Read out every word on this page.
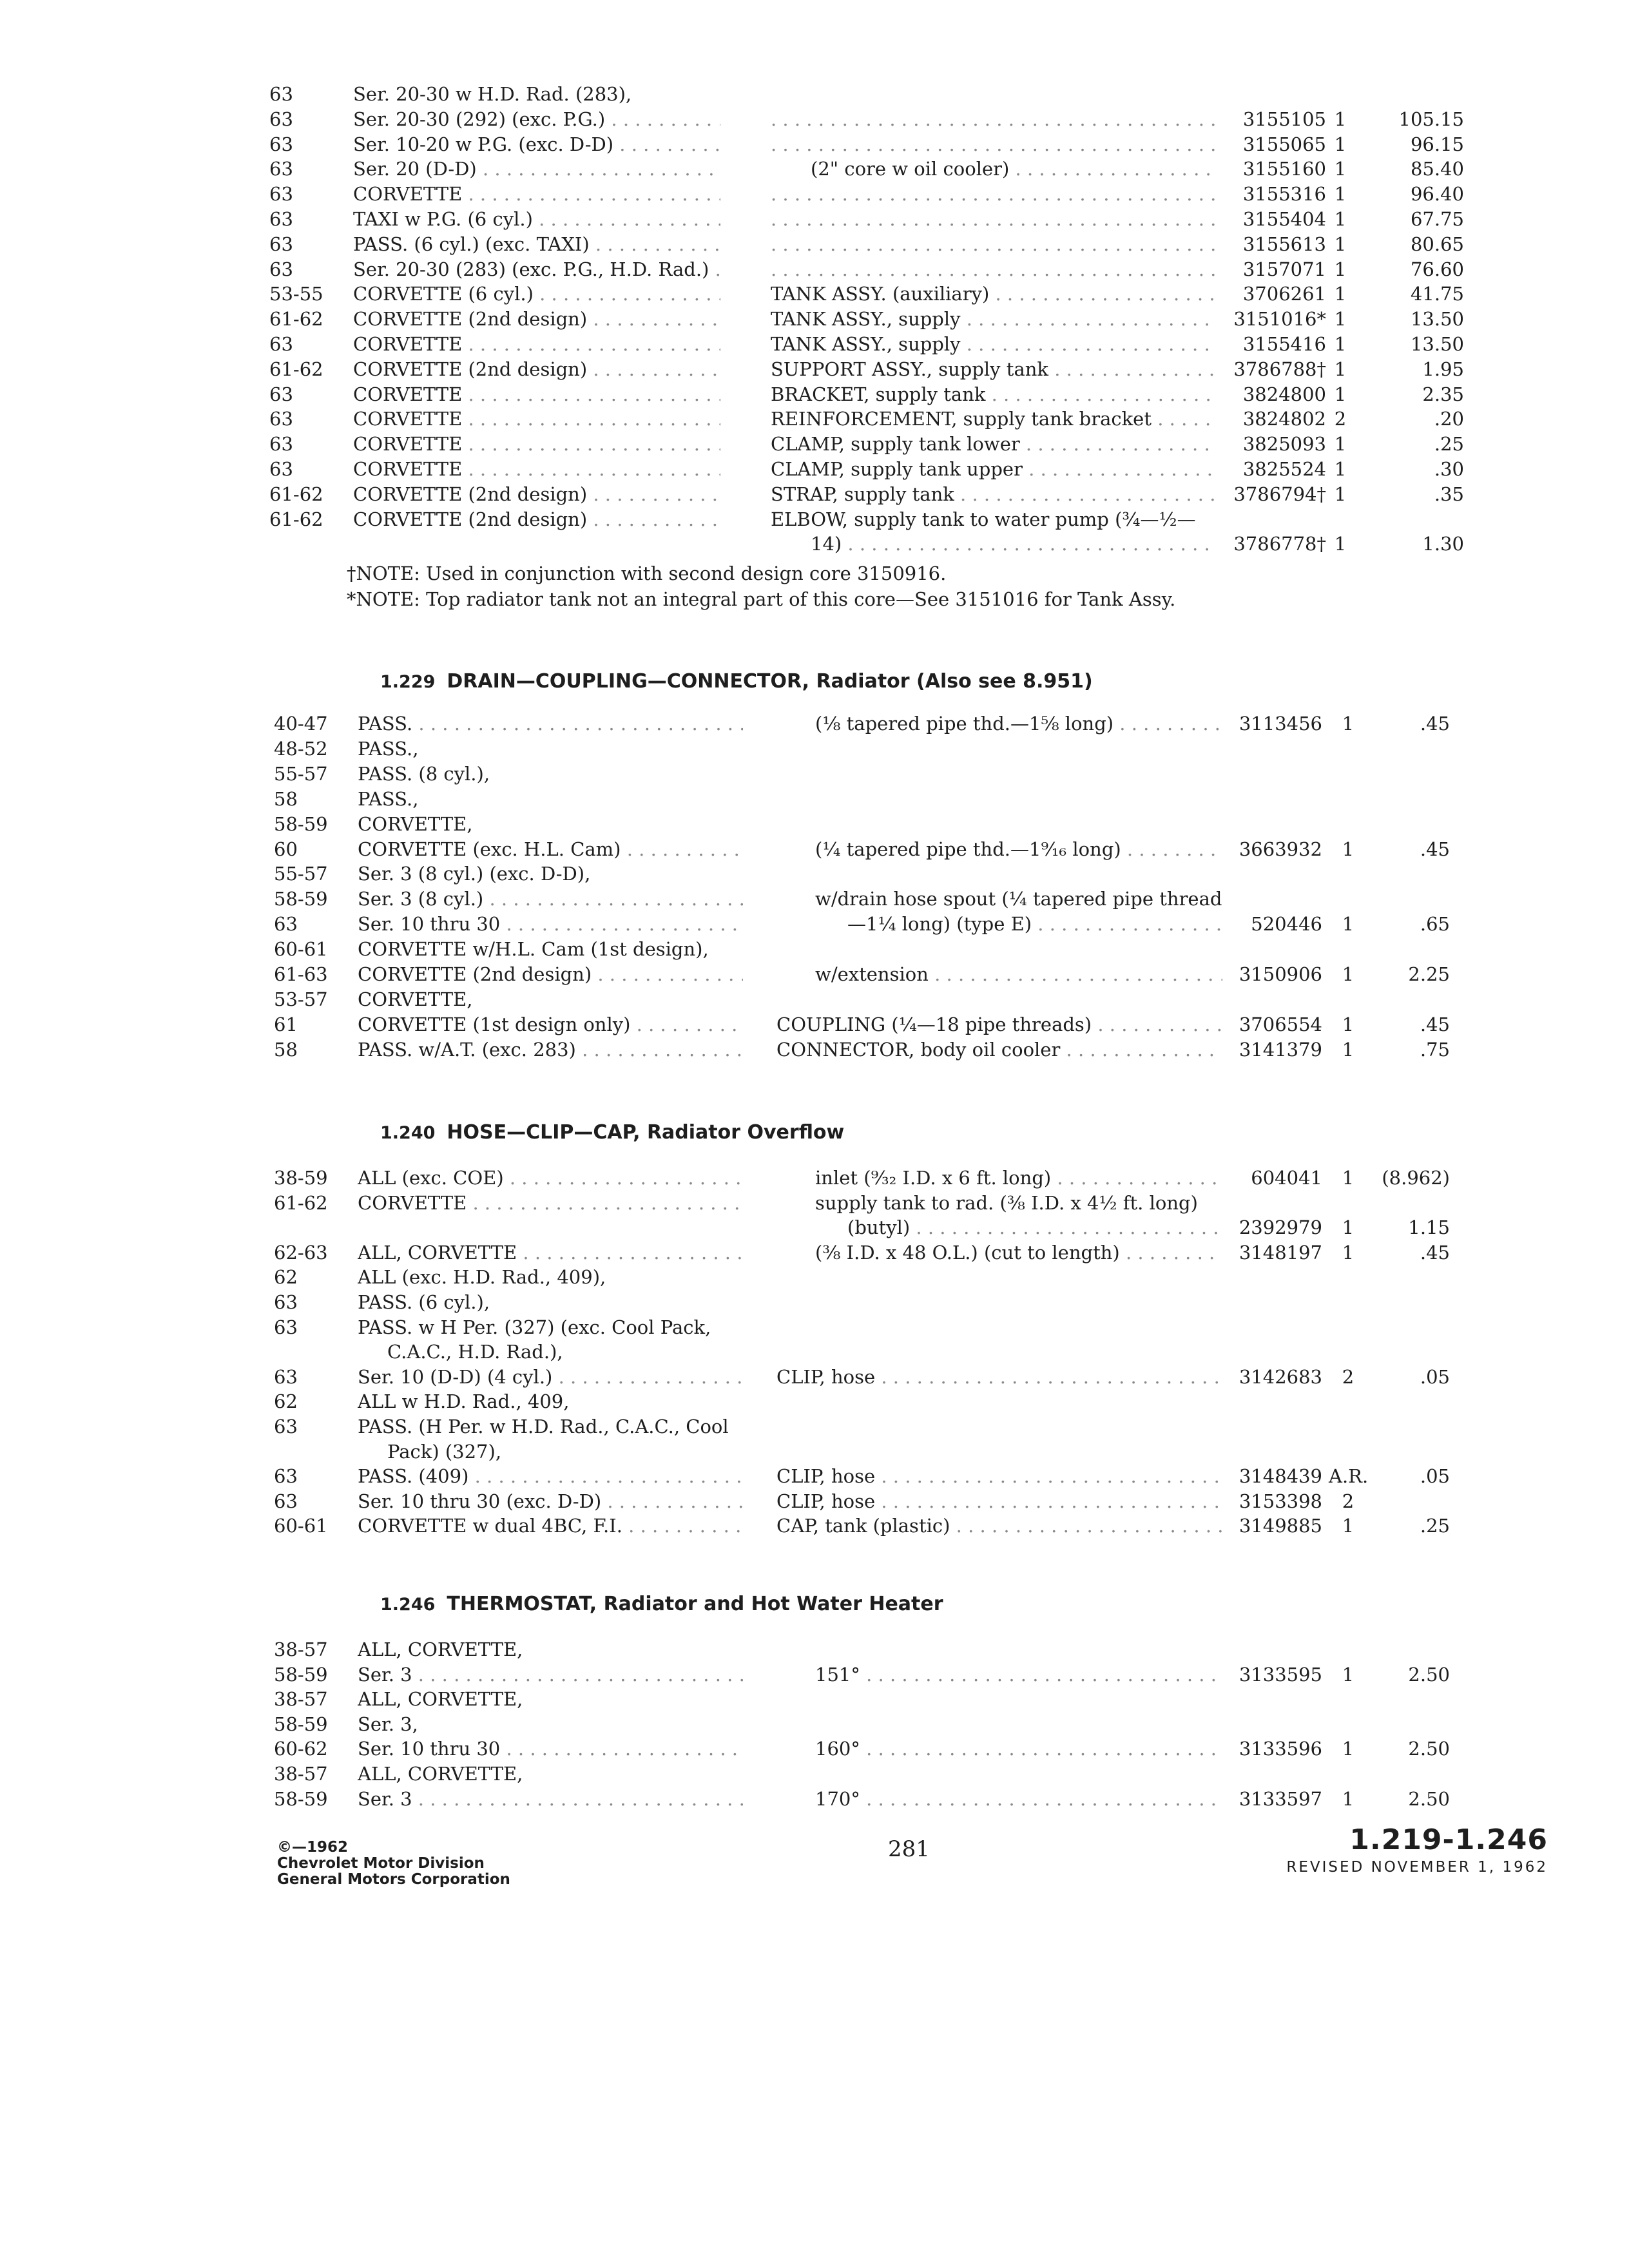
63	Ser. 20-30 w H.D. Rad. (283),
63	Ser. 20-30 (292) (exc. P.G.) . . . . . .	3155105 1	105.15
63	Ser. 10-20 w P.G. (exc. D-D) . . . . . .	3155065 1	96.15
63	Ser. 20 (D-D) . . .	(2" core w oil cooler) . . .	3155160 1	85.40
63	CORVETTE . . . . . .	3155316 1	96.40
63	TAXI w P.G. (6 cyl.) . . . . . .	3155404 1	67.75
63	PASS. (6 cyl.) (exc. TAXI) . . . . . .	3155613 1	80.65
63	Ser. 20-30 (283) (exc. P.G., H.D. Rad.) . . . . . .	3157071 1	76.60
53-55 CORVETTE (6 cyl.) . . .	TANK ASSY. (auxiliary) . . .	3706261 1	41.75
61-62 CORVETTE (2nd design) . . .	TANK ASSY., supply . . .	3151016* 1	13.50
63	CORVETTE . . .	TANK ASSY., supply . . .	3155416 1	13.50
61-62 CORVETTE (2nd design) . . .	SUPPORT ASSY., supply tank . . .	3786788† 1	1.95
63	CORVETTE . . .	BRACKET, supply tank . . .	3824800 1	2.35
63	CORVETTE . . .	REINFORCEMENT, supply tank bracket . . .	3824802 2	.20
63	CORVETTE . . .	CLAMP, supply tank lower . . .	3825093 1	.25
63	CORVETTE . . .	CLAMP, supply tank upper . . .	3825524 1	.30
61-62 CORVETTE (2nd design) . . .	STRAP, supply tank . . .	3786794† 1	.35
61-62 CORVETTE (2nd design) . . .	ELBOW, supply tank to water pump (¾—½—
14) . . .	3786778† 1	1.30
†NOTE: Used in conjunction with second design core 3150916.
*NOTE: Top radiator tank not an integral part of this core—See 3151016 for Tank Assy.
1.229 DRAIN—COUPLING—CONNECTOR, Radiator (Also see 8.951)
40-47 PASS. . . .	(⅛ tapered pipe thd.—1⅝ long) . . .	3113456	1	.45
48-52 PASS.,
55-57 PASS. (8 cyl.),
58	PASS.,
58-59 CORVETTE,
60	CORVETTE (exc. H.L. Cam) . . .	(¼ tapered pipe thd.—1⁹⁄₁₆ long) . . .	3663932	1	.45
55-57 Ser. 3 (8 cyl.) (exc. D-D),
58-59 Ser. 3 (8 cyl.) . . .	w/drain hose spout (¼ tapered pipe thread
63	Ser. 10 thru 30 . . .	—1¼ long) (type E) . . .	520446	1	.65
60-61 CORVETTE w/H.L. Cam (1st design),
61-63 CORVETTE (2nd design) . . .	w/extension . . .	3150906	1	2.25
53-57 CORVETTE,
61	CORVETTE (1st design only) . . .	COUPLING (¼—18 pipe threads) . . .	3706554	1	.45
58	PASS. w/A.T. (exc. 283) . . .	CONNECTOR, body oil cooler . . .	3141379	1	.75
1.240 HOSE—CLIP—CAP, Radiator Overflow
38-59 ALL (exc. COE) . . .	inlet (⁹⁄₃₂ I.D. x 6 ft. long) . . .	604041	1	(8.962)
61-62 CORVETTE . . .	supply tank to rad. (⅜ I.D. x 4½ ft. long)
(butyl) . . .	2392979	1	1.15
62-63 ALL, CORVETTE . . .	(⅜ I.D. x 48 O.L.) (cut to length) . . .	3148197	1	.45
62	ALL (exc. H.D. Rad., 409),
63	PASS. (6 cyl.),
63	PASS. w H Per. (327) (exc. Cool Pack,
C.A.C., H.D. Rad.),
63	Ser. 10 (D-D) (4 cyl.) . . .	CLIP, hose . . .	3142683	2	.05
62	ALL w H.D. Rad., 409,
63	PASS. (H Per. w H.D. Rad., C.A.C., Cool
Pack) (327),
63	PASS. (409) . . .	CLIP, hose . . .	3148439 A.R.	.05
63	Ser. 10 thru 30 (exc. D-D) . . .	CLIP, hose . . .	3153398	2
60-61 CORVETTE w dual 4BC, F.I. . . .	CAP, tank (plastic) . . .	3149885	1	.25
1.246 THERMOSTAT, Radiator and Hot Water Heater
38-57 ALL, CORVETTE,
58-59 Ser. 3 . . .	151° . . .	3133595	1	2.50
38-57 ALL, CORVETTE,
58-59 Ser. 3,
60-62 Ser. 10 thru 30 . . .	160° . . .	3133596	1	2.50
38-57 ALL, CORVETTE,
58-59 Ser. 3 . . .	170° . . .	3133597	1	2.50
©—1962
Chevrolet Motor Division
General Motors Corporation
281	1.219-1.246
REVISED NOVEMBER 1, 1962
